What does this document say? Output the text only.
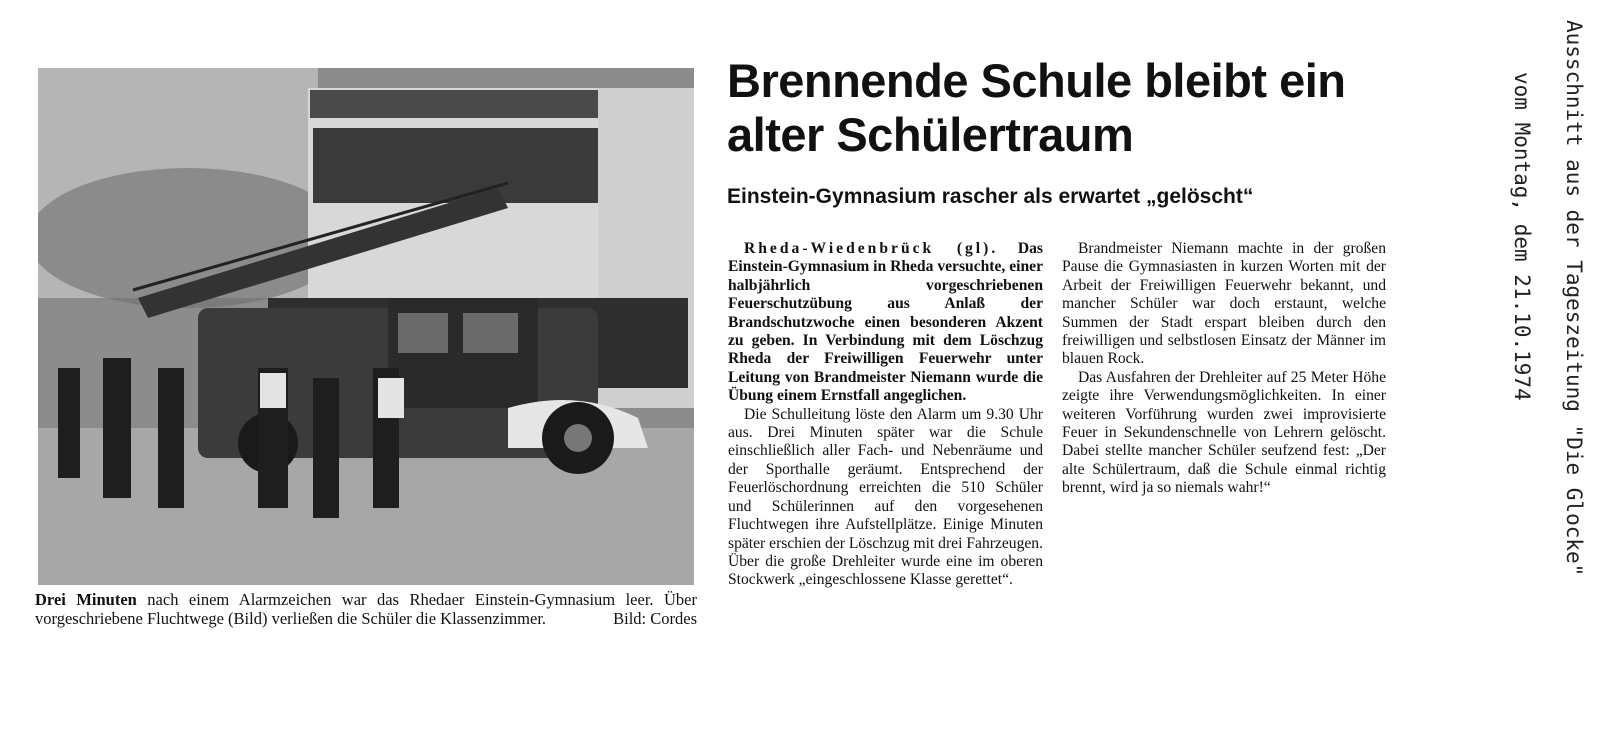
Drei Minuten nach einem Alarmzeichen war das Rhedaer Einstein-Gymnasium leer. Über vorgeschriebene Fluchtwege (Bild) verließen die Schüler die Klassenzimmer.	Bild: Cordes
Brennende Schule bleibt ein alter Schülertraum
Einstein-Gymnasium rascher als erwartet „gelöscht“

Rheda-Wiedenbrück (gl). Das Einstein-Gymnasium in Rheda versuchte, einer halbjährlich vorgeschriebenen Feuerschutzübung aus Anlaß der Brandschutzwoche einen besonderen Akzent zu geben. In Verbindung mit dem Löschzug Rheda der Freiwilligen Feuerwehr unter Leitung von Brandmeister Niemann wurde die Übung einem Ernstfall angeglichen.

Die Schulleitung löste den Alarm um 9.30 Uhr aus. Drei Minuten später war die Schule einschließlich aller Fach- und Nebenräume und der Sporthalle geräumt. Entsprechend der Feuerlöschordnung erreichten die 510 Schüler und Schülerinnen auf den vorgesehenen Fluchtwegen ihre Aufstellplätze. Einige Minuten später erschien der Löschzug mit drei Fahrzeugen. Über die große Drehleiter wurde eine im oberen Stockwerk „eingeschlossene Klasse gerettet“.

Brandmeister Niemann machte in der großen Pause die Gymnasiasten in kurzen Worten mit der Arbeit der Freiwilligen Feuerwehr bekannt, und mancher Schüler war doch erstaunt, welche Summen der Stadt erspart bleiben durch den freiwilligen und selbstlosen Einsatz der Männer im blauen Rock.

Das Ausfahren der Drehleiter auf 25 Meter Höhe zeigte ihre Verwendungsmöglichkeiten. In einer weiteren Vorführung wurden zwei improvisierte Feuer in Sekundenschnelle von Lehrern gelöscht. Dabei stellte mancher Schüler seufzend fest: „Der alte Schülertraum, daß die Schule einmal richtig brennt, wird ja so niemals wahr!“	Ausschnitt aus der Tageszeitung "Die Glocke"
vom Montag, dem 21.10.1974
